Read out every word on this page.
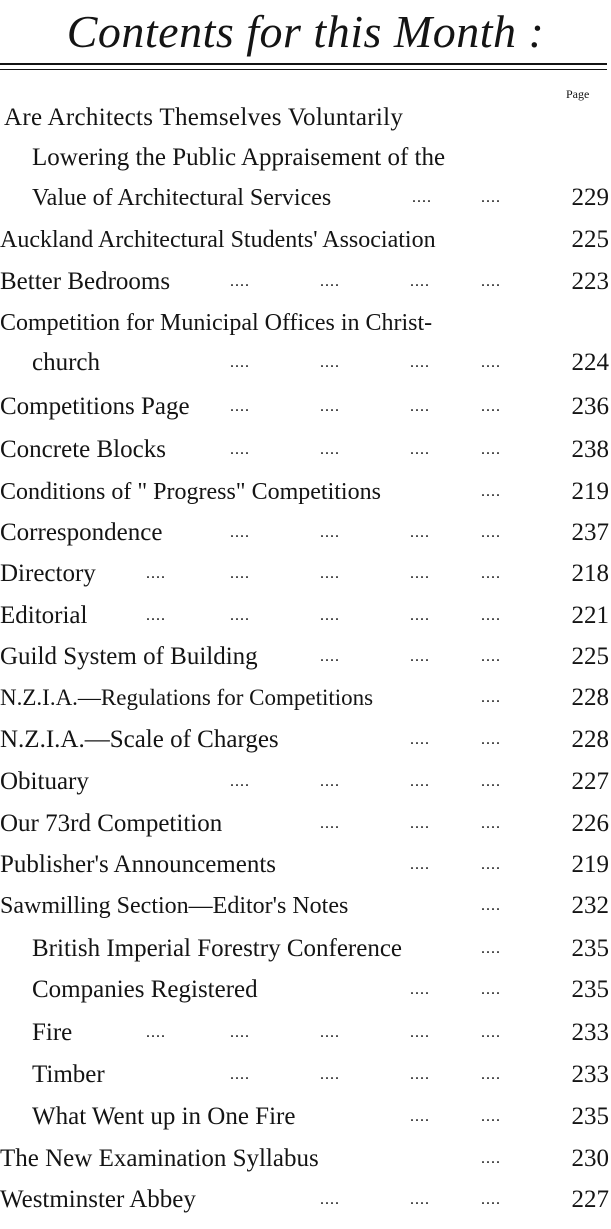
Contents for this Month :
Page
Are Architects Themselves Voluntarily
Lowering the Public Appraisement of the
Value of Architectural Services	....	....	229
Auckland Architectural Students' Association	225
Better Bedrooms	....	....	....	....	223
Competition for Municipal Offices in Christ-
church	....	....	....	....	224
Competitions Page	....	....	....	....	236
Concrete Blocks	....	....	....	....	238
Conditions of " Progress" Competitions	....	219
Correspondence	....	....	....	....	237
Directory	....	....	....	....	....	218
Editorial	....	....	....	....	....	221
Guild System of Building	....	....	....	225
N.Z.I.A.—Regulations for Competitions	....	228
N.Z.I.A.—Scale of Charges	....	....	228
Obituary	....	....	....	....	227
Our 73rd Competition	....	....	....	226
Publisher's Announcements	....	....	219
Sawmilling Section—Editor's Notes	....	232
British Imperial Forestry Conference	....	235
Companies Registered	....	....	235
Fire	....	....	....	....	....	233
Timber	....	....	....	....	233
What Went up in One Fire	....	....	235
The New Examination Syllabus	....	230
Westminster Abbey	....	....	....	227
